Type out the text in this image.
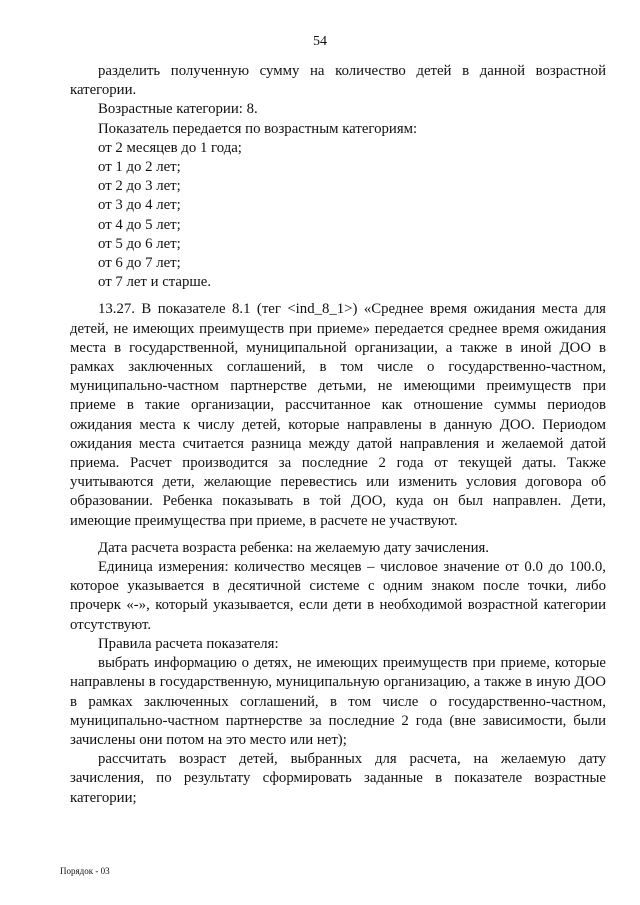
54

разделить полученную сумму на количество детей в данной возрастной категории.

Возрастные категории: 8.

Показатель передается по возрастным категориям:

от 2 месяцев до 1 года;

от 1 до 2 лет;

от 2 до 3 лет;

от 3 до 4 лет;

от 4 до 5 лет;

от 5 до 6 лет;

от 6 до 7 лет;

от 7 лет и старше.

13.27. В показателе 8.1 (тег <ind_8_1>) «Среднее время ожидания места для детей, не имеющих преимуществ при приеме» передается среднее время ожидания места в государственной, муниципальной организации, а также в иной ДОО в рамках заключенных соглашений, в том числе о государственно-частном, муниципально-частном партнерстве детьми, не имеющими преимуществ при приеме в такие организации, рассчитанное как отношение суммы периодов ожидания места к числу детей, которые направлены в данную ДОО. Периодом ожидания места считается разница между датой направления и желаемой датой приема. Расчет производится за последние 2 года от текущей даты. Также учитываются дети, желающие перевестись или изменить условия договора об образовании. Ребенка показывать в той ДОО, куда он был направлен. Дети, имеющие преимущества при приеме, в расчете не участвуют.

Дата расчета возраста ребенка: на желаемую дату зачисления.

Единица измерения: количество месяцев – числовое значение от 0.0 до 100.0, которое указывается в десятичной системе с одним знаком после точки, либо прочерк «-», который указывается, если дети в необходимой возрастной категории отсутствуют.

Правила расчета показателя:

выбрать информацию о детях, не имеющих преимуществ при приеме, которые направлены в государственную, муниципальную организацию, а также в иную ДОО в рамках заключенных соглашений, в том числе о государственно-частном, муниципально-частном партнерстве за последние 2 года (вне зависимости, были зачислены они потом на это место или нет);

рассчитать возраст детей, выбранных для расчета, на желаемую дату зачисления, по результату сформировать заданные в показателе возрастные категории;

Порядок - 03
